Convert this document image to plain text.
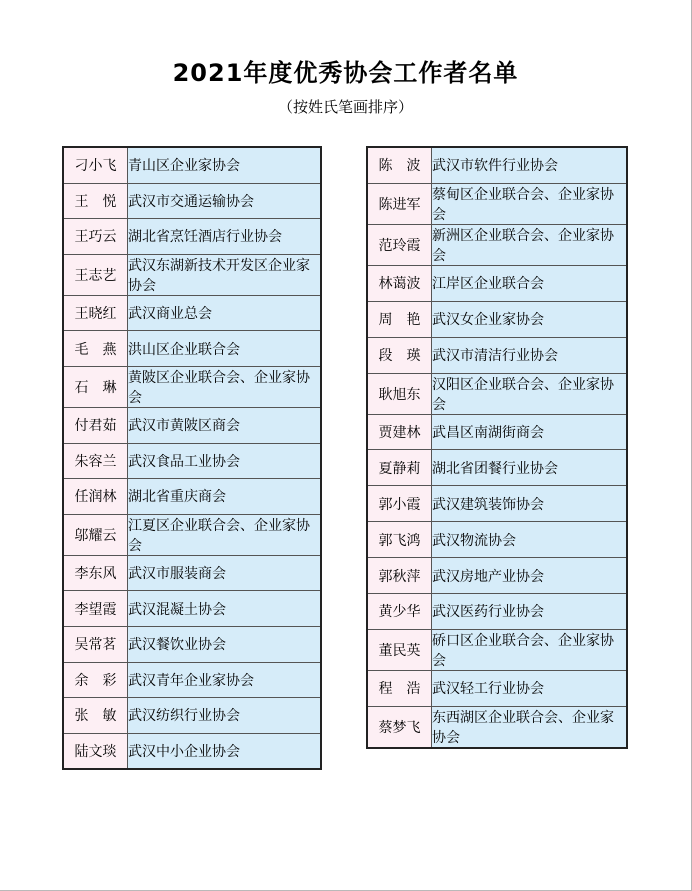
2021年度优秀协会工作者名单
（按姓氏笔画排序）
刁小飞	青山区企业家协会
王　悦	武汉市交通运输协会
王巧云	湖北省烹饪酒店行业协会
王志艺	武汉东湖新技术开发区企业家协会
王晓红	武汉商业总会
毛　燕	洪山区企业联合会
石　琳	黄陂区企业联合会、企业家协会
付君茹	武汉市黄陂区商会
朱容兰	武汉食品工业协会
任润林	湖北省重庆商会
邬耀云	江夏区企业联合会、企业家协会
李东风	武汉市服装商会
李望霞	武汉混凝土协会
吴常茗	武汉餐饮业协会
余　彩	武汉青年企业家协会
张　敏	武汉纺织行业协会
陆文琰	武汉中小企业协会
陈　波	武汉市软件行业协会
陈进军	蔡甸区企业联合会、企业家协会
范玲霞	新洲区企业联合会、企业家协会
林蔼波	江岸区企业联合会
周　艳	武汉女企业家协会
段　瑛	武汉市清洁行业协会
耿旭东	汉阳区企业联合会、企业家协会
贾建林	武昌区南湖街商会
夏静莉	湖北省团餐行业协会
郭小霞	武汉建筑装饰协会
郭飞鸿	武汉物流协会
郭秋萍	武汉房地产业协会
黄少华	武汉医药行业协会
董民英	硚口区企业联合会、企业家协会
程　浩	武汉轻工行业协会
蔡梦飞	东西湖区企业联合会、企业家协会
